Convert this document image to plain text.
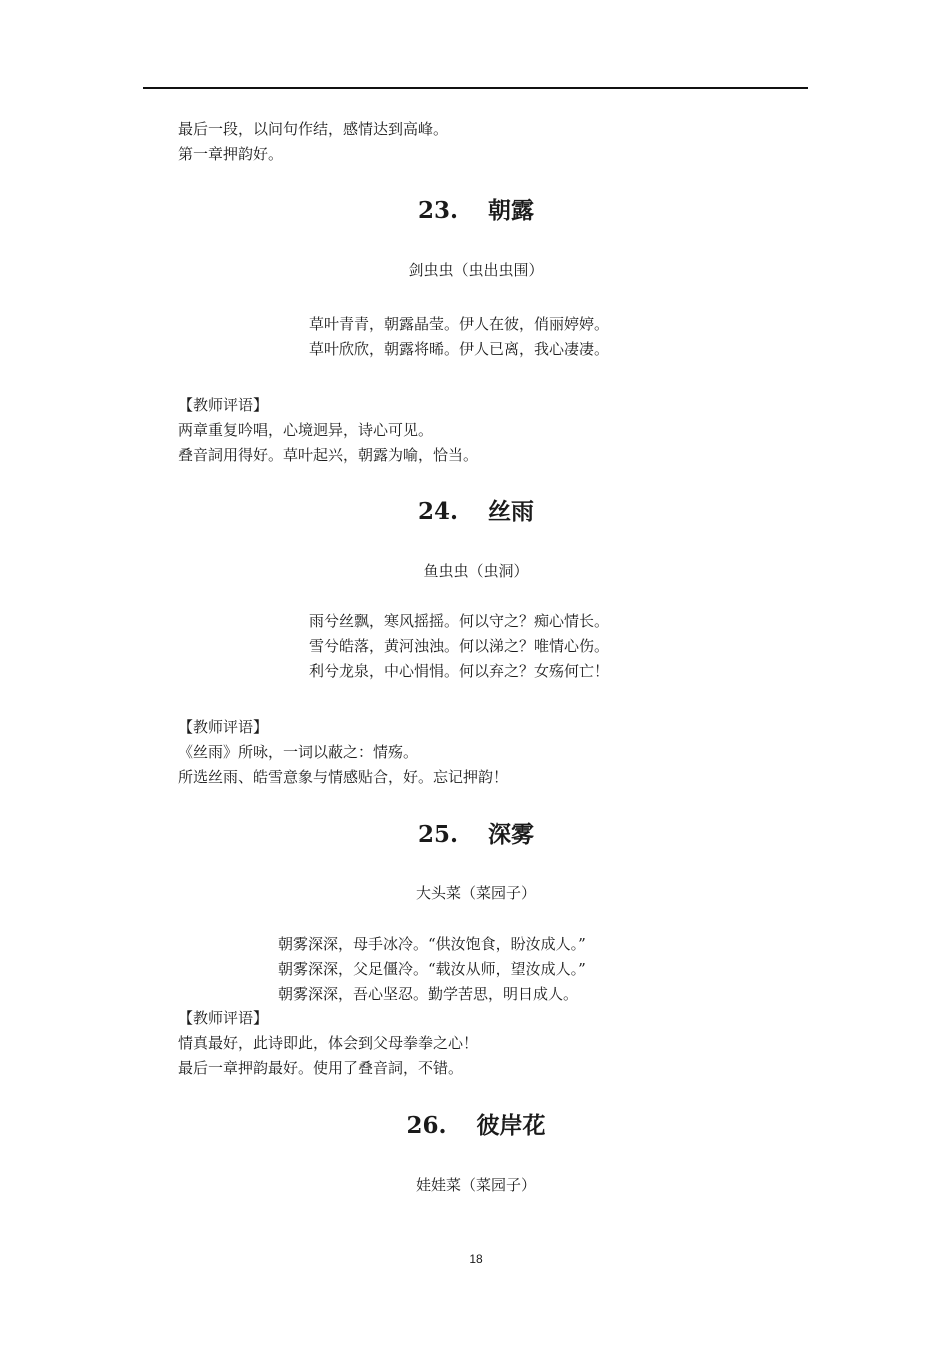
最后一段，以问句作结，感情达到高峰。
第一章押韵好。
23. 朝露
剑虫虫（虫出虫围）
草叶青青，朝露晶莹。伊人在彼，俏丽婷婷。
草叶欣欣，朝露将晞。伊人已离，我心凄凄。
【教师评语】
两章重复吟唱，心境迥异，诗心可见。
叠音詞用得好。草叶起兴，朝露为喻，恰当。
24. 丝雨
鱼虫虫（虫洞）
雨兮丝飘，寒风摇摇。何以守之？痴心情长。
雪兮皓落，黄河浊浊。何以涕之？唯情心伤。
利兮龙泉，中心悁悁。何以弃之？女殇何亡！
【教师评语】
《丝雨》所咏，一词以蔽之：情殇。
所选丝雨、皓雪意象与情感贴合，好。忘记押韵！
25. 深雾
大头菜（菜园子）
朝雾深深，母手冰冷。“供汝饱食，盼汝成人。”
朝雾深深，父足僵冷。“载汝从师，望汝成人。”
朝雾深深，吾心坚忍。勤学苦思，明日成人。
【教师评语】
情真最好，此诗即此，体会到父母拳拳之心！
最后一章押韵最好。使用了叠音詞，不错。
26. 彼岸花
娃娃菜（菜园子）
18
